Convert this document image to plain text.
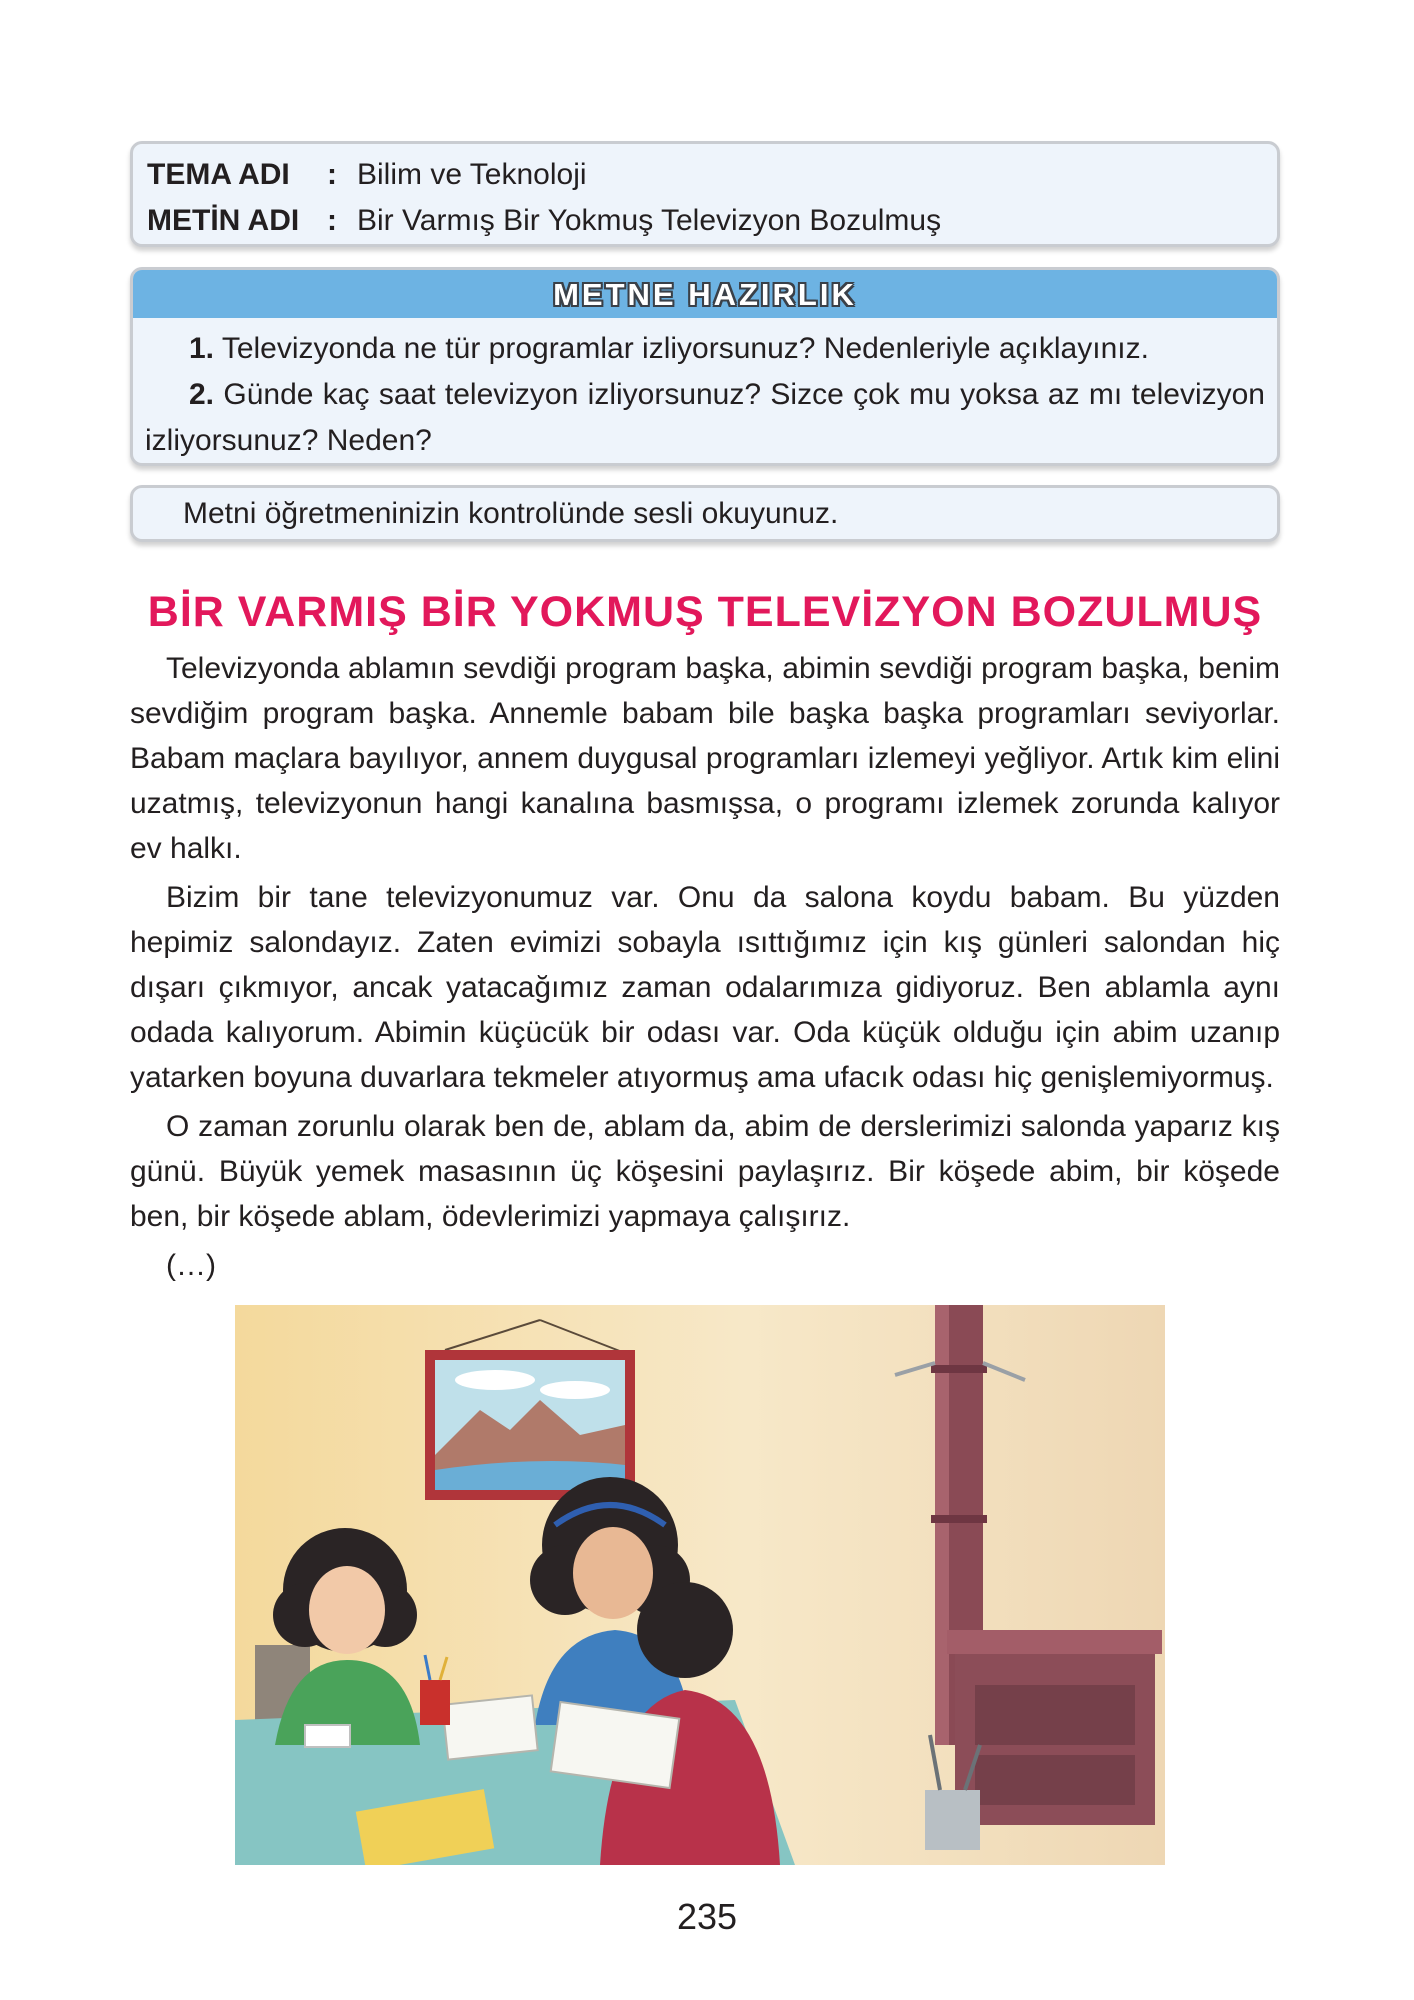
TEMA ADI : Bilim ve Teknoloji
METİN ADI : Bir Varmış Bir Yokmuş Televizyon Bozulmuş
METNE HAZIRLIK
1. Televizyonda ne tür programlar izliyorsunuz? Nedenleriyle açıklayınız.
2. Günde kaç saat televizyon izliyorsunuz? Sizce çok mu yoksa az mı televizyon izliyorsunuz? Neden?
Metni öğretmeninizin kontrolünde sesli okuyunuz.
BİR VARMIŞ BİR YOKMUŞ TELEVİZYON BOZULMUŞ

Televizyonda ablamın sevdiği program başka, abimin sevdiği program başka, benim sevdiğim program başka. Annemle babam bile başka başka programları seviyorlar. Babam maçlara bayılıyor, annem duygusal programları izlemeyi yeğliyor. Artık kim elini uzatmış, televizyonun hangi kanalına basmışsa, o programı izlemek zorunda kalıyor ev halkı.

Bizim bir tane televizyonumuz var. Onu da salona koydu babam. Bu yüzden hepimiz salondayız. Zaten evimizi sobayla ısıttığımız için kış günleri salondan hiç dışarı çıkmıyor, ancak yatacağımız zaman odalarımıza gidiyoruz. Ben ablamla aynı odada kalıyorum. Abimin küçücük bir odası var. Oda küçük olduğu için abim uzanıp yatarken boyuna duvarlara tekmeler atıyormuş ama ufacık odası hiç genişlemiyormuş.

O zaman zorunlu olarak ben de, ablam da, abim de derslerimizi salonda yaparız kış günü. Büyük yemek masasının üç köşesini paylaşırız. Bir köşede abim, bir köşede ben, bir köşede ablam, ödevlerimizi yapmaya çalışırız.

(…)
235
